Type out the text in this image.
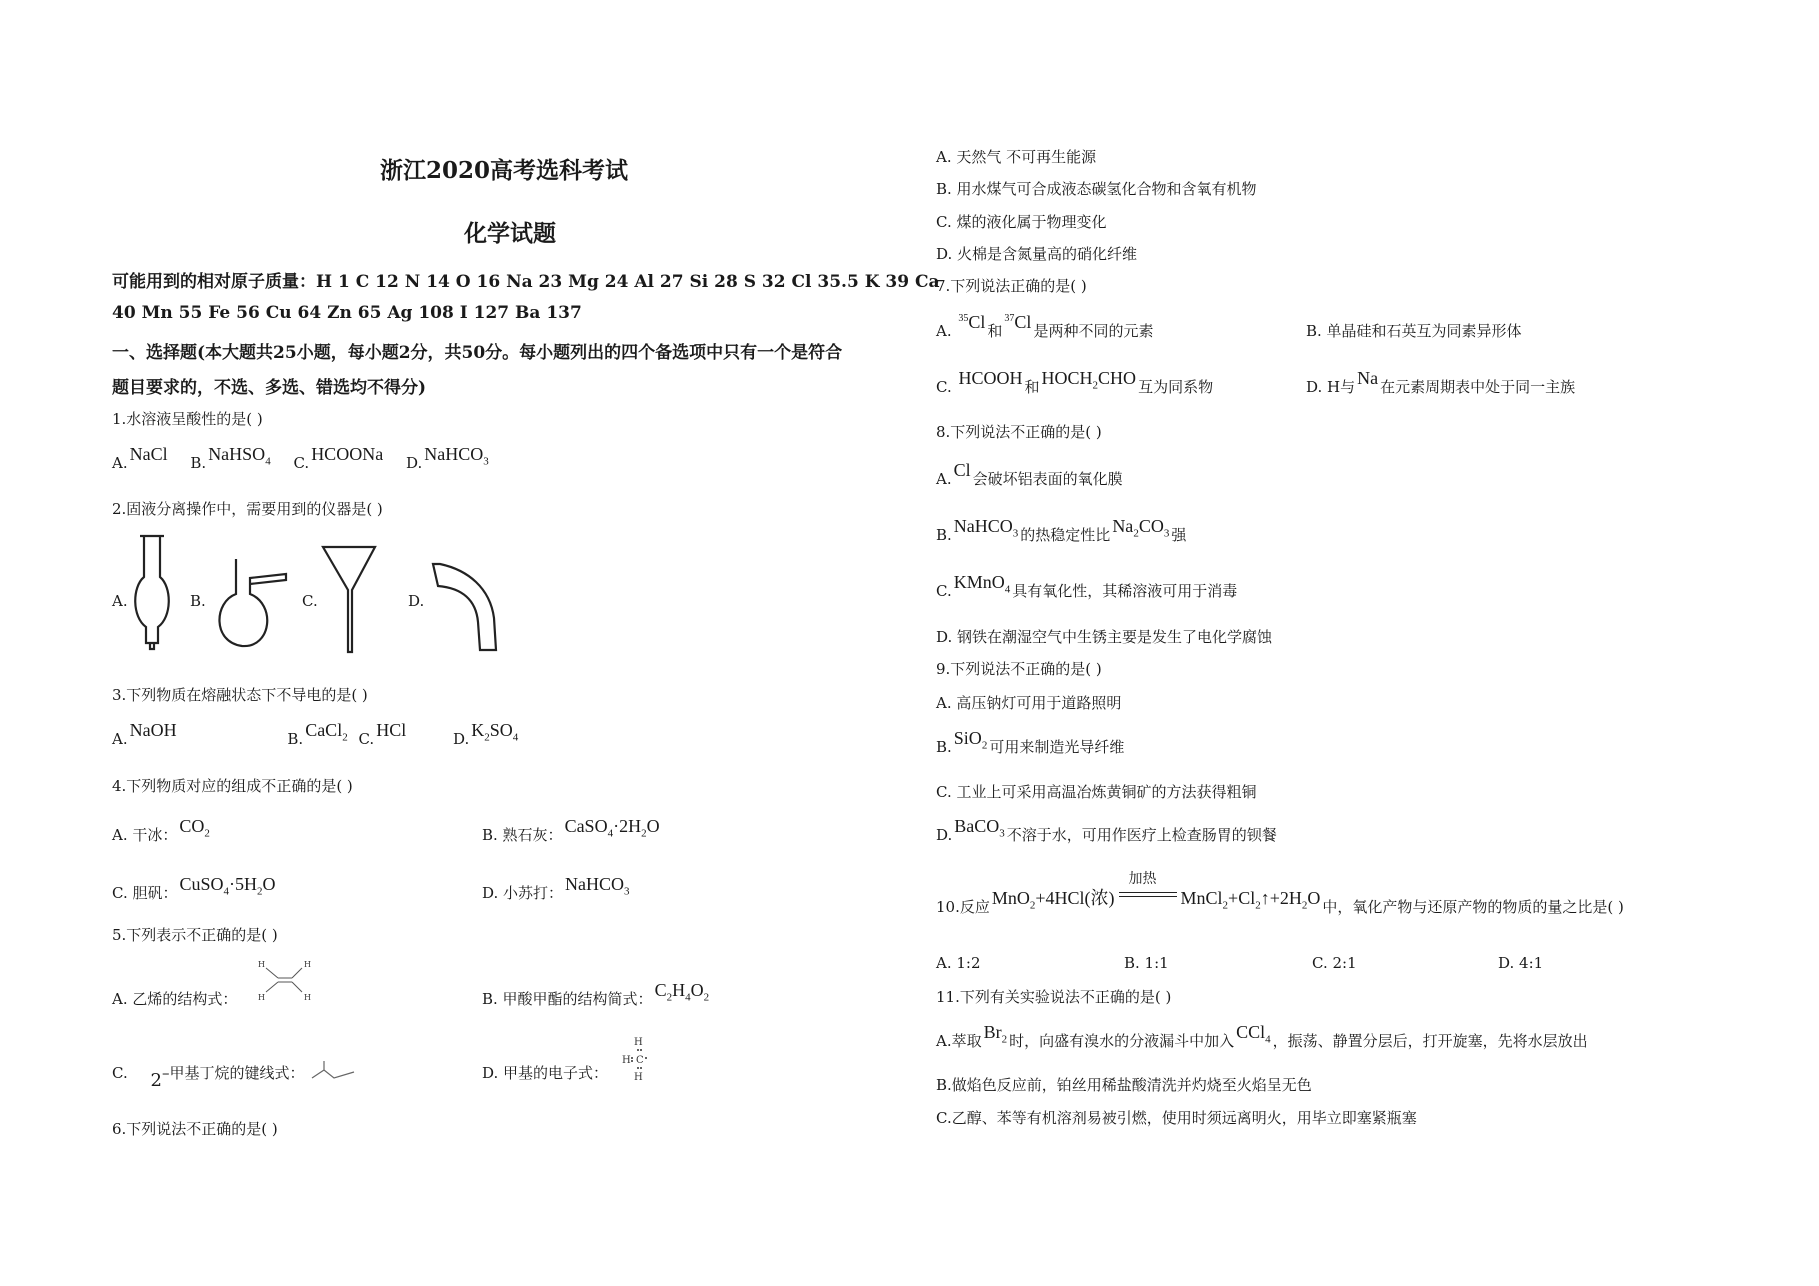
浙江2020高考选科考试
化学试题
可能用到的相对原子质量：H 1 C 12 N 14 O 16 Na 23 Mg 24 Al 27 Si 28 S 32 Cl 35.5 K 39 Ca
40 Mn 55 Fe 56 Cu 64 Zn 65 Ag 108 I 127 Ba 137
一、选择题(本大题共25小题，每小题2分，共50分。每小题列出的四个备选项中只有一个是符合
题目要求的，不选、多选、错选均不得分)
1.水溶液呈酸性的是( )
A. NaCl B. NaHSO$_4$ C. HCOONa D. NaHCO$_3$
2.固液分离操作中，需要用到的仪器是( )
A.	B.	C.	D.
3.下列物质在熔融状态下不导电的是( )
A. NaOH	B. CaCl$_2$ C. HCl	D. $K_2SO_4$
4.下列物质对应的组成不正确的是( )
A. 干冰： $CO_2$	B. 熟石灰： $CaSO_4\cdot 2H_2O$
C. 胆矾： $CuSO_4\cdot 5H_2O$	D. 小苏打： NaHCO$_3$
5.下列表示不正确的是( )
A. 乙烯的结构式：
H	H
H	H	B. 甲酸甲酯的结构简式： $C_2H_4O_2$
C. 2–甲基丁烷的键线式：	D. 甲基的电子式：
H
H C
H
6.下列说法不正确的是( )
A. 天然气 不可再生能源
B. 用水煤气可合成液态碳氢化合物和含氧有机物
C. 煤的液化属于物理变化
D. 火棉是含氮量高的硝化纤维
7.下列说法正确的是( )
A. $^{35}$Cl 和$^{37}$Cl 是两种不同的元素	B. 单晶硅和石英互为同素异形体
C. HCOOH 和 $HOCH_2CHO$ 互为同系物	D. H与 Na 在元素周期表中处于同一主族
8.下列说法不正确的是( )
A. Cl 会破坏铝表面的氧化膜
B. NaHCO$_3$ 的热稳定性比 $Na_2CO_3$ 强
C. KMnO$_4$ 具有氧化性，其稀溶液可用于消毒
D. 钢铁在潮湿空气中生锈主要是发生了电化学腐蚀
9.下列说法不正确的是( )
A. 高压钠灯可用于道路照明
B. SiO$_2$ 可用来制造光导纤维
C. 工业上可采用高温冶炼黄铜矿的方法获得粗铜
D. BaCO$_3$ 不溶于水，可用作医疗上检查肠胃的钡餐
10.反应 MnO$_2$+4HCl(浓)
加热
$MnCl_2+Cl_2↑+2H_2O$ 中，氧化产物与还原产物的物质的量之比是( )
A. 1:2	B. 1:1	C. 2:1	D. 4:1
11.下列有关实验说法不正确的是( )
A.萃取 $Br_2$ 时，向盛有溴水的分液漏斗中加入 CCl$_4$ ，振荡、静置分层后，打开旋塞，先将水层放出
B.做焰色反应前，铂丝用稀盐酸清洗并灼烧至火焰呈无色
C.乙醇、苯等有机溶剂易被引燃，使用时须远离明火，用毕立即塞紧瓶塞
